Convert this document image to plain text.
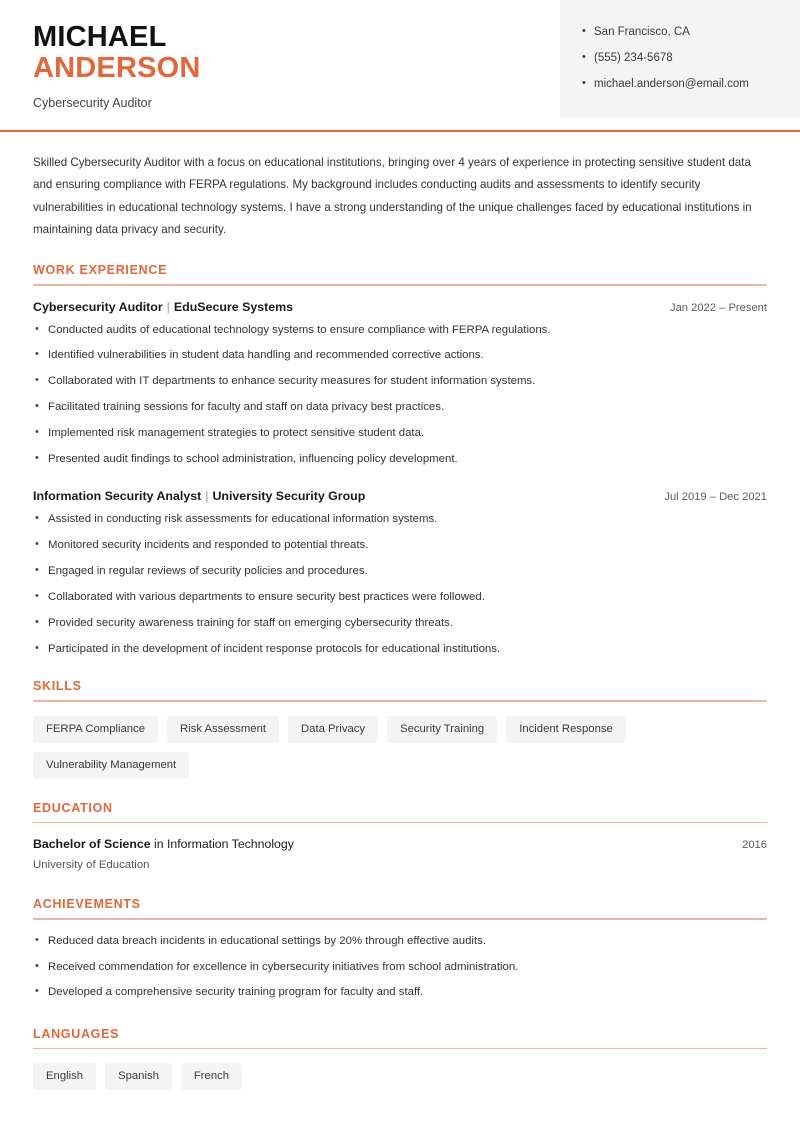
MICHAEL
ANDERSON
Cybersecurity Auditor
• San Francisco, CA
• (555) 234-5678
• michael.anderson@email.com
Skilled Cybersecurity Auditor with a focus on educational institutions, bringing over 4 years of experience in protecting sensitive student data and ensuring compliance with FERPA regulations. My background includes conducting audits and assessments to identify security vulnerabilities in educational technology systems. I have a strong understanding of the unique challenges faced by educational institutions in maintaining data privacy and security.
WORK EXPERIENCE
Cybersecurity Auditor | EduSecure Systems	Jan 2022 – Present
• Conducted audits of educational technology systems to ensure compliance with FERPA regulations.
• Identified vulnerabilities in student data handling and recommended corrective actions.
• Collaborated with IT departments to enhance security measures for student information systems.
• Facilitated training sessions for faculty and staff on data privacy best practices.
• Implemented risk management strategies to protect sensitive student data.
• Presented audit findings to school administration, influencing policy development.
Information Security Analyst | University Security Group	Jul 2019 – Dec 2021
• Assisted in conducting risk assessments for educational information systems.
• Monitored security incidents and responded to potential threats.
• Engaged in regular reviews of security policies and procedures.
• Collaborated with various departments to ensure security best practices were followed.
• Provided security awareness training for staff on emerging cybersecurity threats.
• Participated in the development of incident response protocols for educational institutions.
SKILLS
FERPA Compliance	Risk Assessment	Data Privacy	Security Training	Incident Response
Vulnerability Management
EDUCATION
Bachelor of Science in Information Technology	2016
University of Education
ACHIEVEMENTS
• Reduced data breach incidents in educational settings by 20% through effective audits.
• Received commendation for excellence in cybersecurity initiatives from school administration.
• Developed a comprehensive security training program for faculty and staff.
LANGUAGES
English	Spanish	French
